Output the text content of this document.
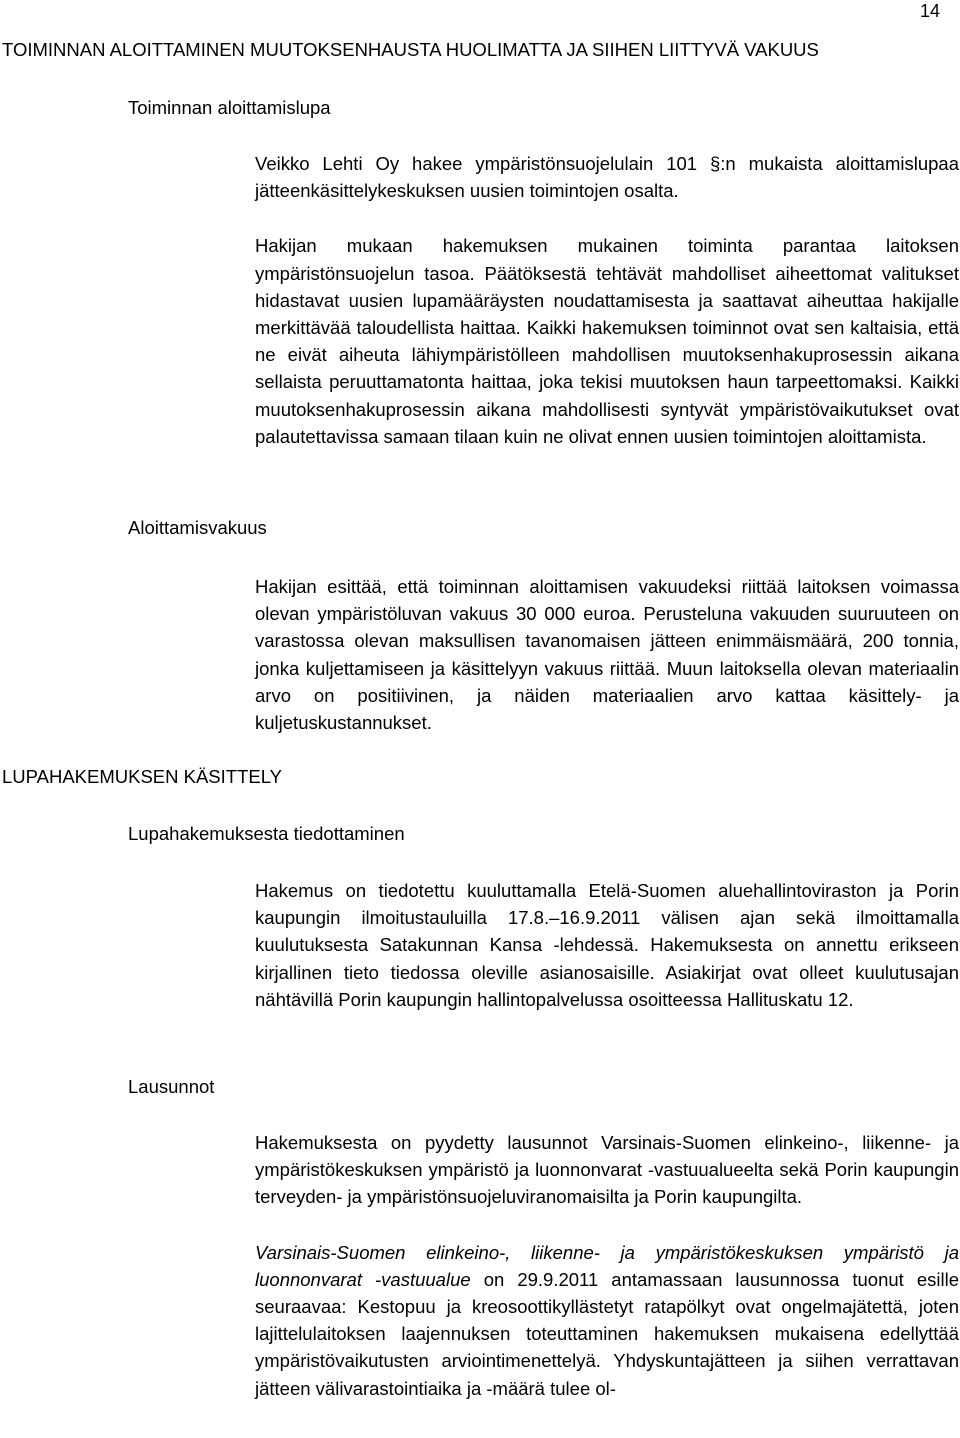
14
TOIMINNAN ALOITTAMINEN MUUTOKSENHAUSTA HUOLIMATTA JA SIIHEN LIITTYVÄ VAKUUS
Toiminnan aloittamislupa

Veikko Lehti Oy hakee ympäristönsuojelulain 101 §:n mukaista aloittamislupaa jätteenkäsittelykeskuksen uusien toimintojen osalta.

Hakijan mukaan hakemuksen mukainen toiminta parantaa laitoksen ympäristönsuojelun tasoa. Päätöksestä tehtävät mahdolliset aiheettomat valitukset hidastavat uusien lupamääräysten noudattamisesta ja saattavat aiheuttaa hakijalle merkittävää taloudellista haittaa. Kaikki hakemuksen toiminnot ovat sen kaltaisia, että ne eivät aiheuta lähiympäristölleen mahdollisen muutoksenhakuprosessin aikana sellaista peruuttamatonta haittaa, joka tekisi muutoksen haun tarpeettomaksi. Kaikki muutoksenhakuprosessin aikana mahdollisesti syntyvät ympäristövaikutukset ovat palautettavissa samaan tilaan kuin ne olivat ennen uusien toimintojen aloittamista.

Aloittamisvakuus

Hakijan esittää, että toiminnan aloittamisen vakuudeksi riittää laitoksen voimassa olevan ympäristöluvan vakuus 30 000 euroa. Perusteluna vakuuden suuruuteen on varastossa olevan maksullisen tavanomaisen jätteen enimmäismäärä, 200 tonnia, jonka kuljettamiseen ja käsittelyyn vakuus riittää. Muun laitoksella olevan materiaalin arvo on positiivinen, ja näiden materiaalien arvo kattaa käsittely- ja kuljetuskustannukset.

LUPAHAKEMUKSEN KÄSITTELY
Lupahakemuksesta tiedottaminen

Hakemus on tiedotettu kuuluttamalla Etelä-Suomen aluehallintoviraston ja Porin kaupungin ilmoitustauluilla 17.8.–16.9.2011 välisen ajan sekä ilmoittamalla kuulutuksesta Satakunnan Kansa -lehdessä. Hakemuksesta on annettu erikseen kirjallinen tieto tiedossa oleville asianosaisille. Asiakirjat ovat olleet kuulutusajan nähtävillä Porin kaupungin hallintopalvelussa osoitteessa Hallituskatu 12.

Lausunnot

Hakemuksesta on pyydetty lausunnot Varsinais-Suomen elinkeino-, liikenne- ja ympäristökeskuksen ympäristö ja luonnonvarat -vastuualueelta sekä Porin kaupungin terveyden- ja ympäristönsuojeluviranomaisilta ja Porin kaupungilta.

Varsinais-Suomen elinkeino-, liikenne- ja ympäristökeskuksen ympäristö ja luonnonvarat -vastuualue on 29.9.2011 antamassaan lausunnossa tuonut esille seuraavaa: Kestopuu ja kreosoottikyllästetyt ratapölkyt ovat ongelmajätettä, joten lajittelulaitoksen laajennuksen toteuttaminen hakemuksen mukaisena edellyttää ympäristövaikutusten arviointimenettelyä. Yhdyskuntajätteen ja siihen verrattavan jätteen välivarastointiaika ja -määrä tulee ol-
